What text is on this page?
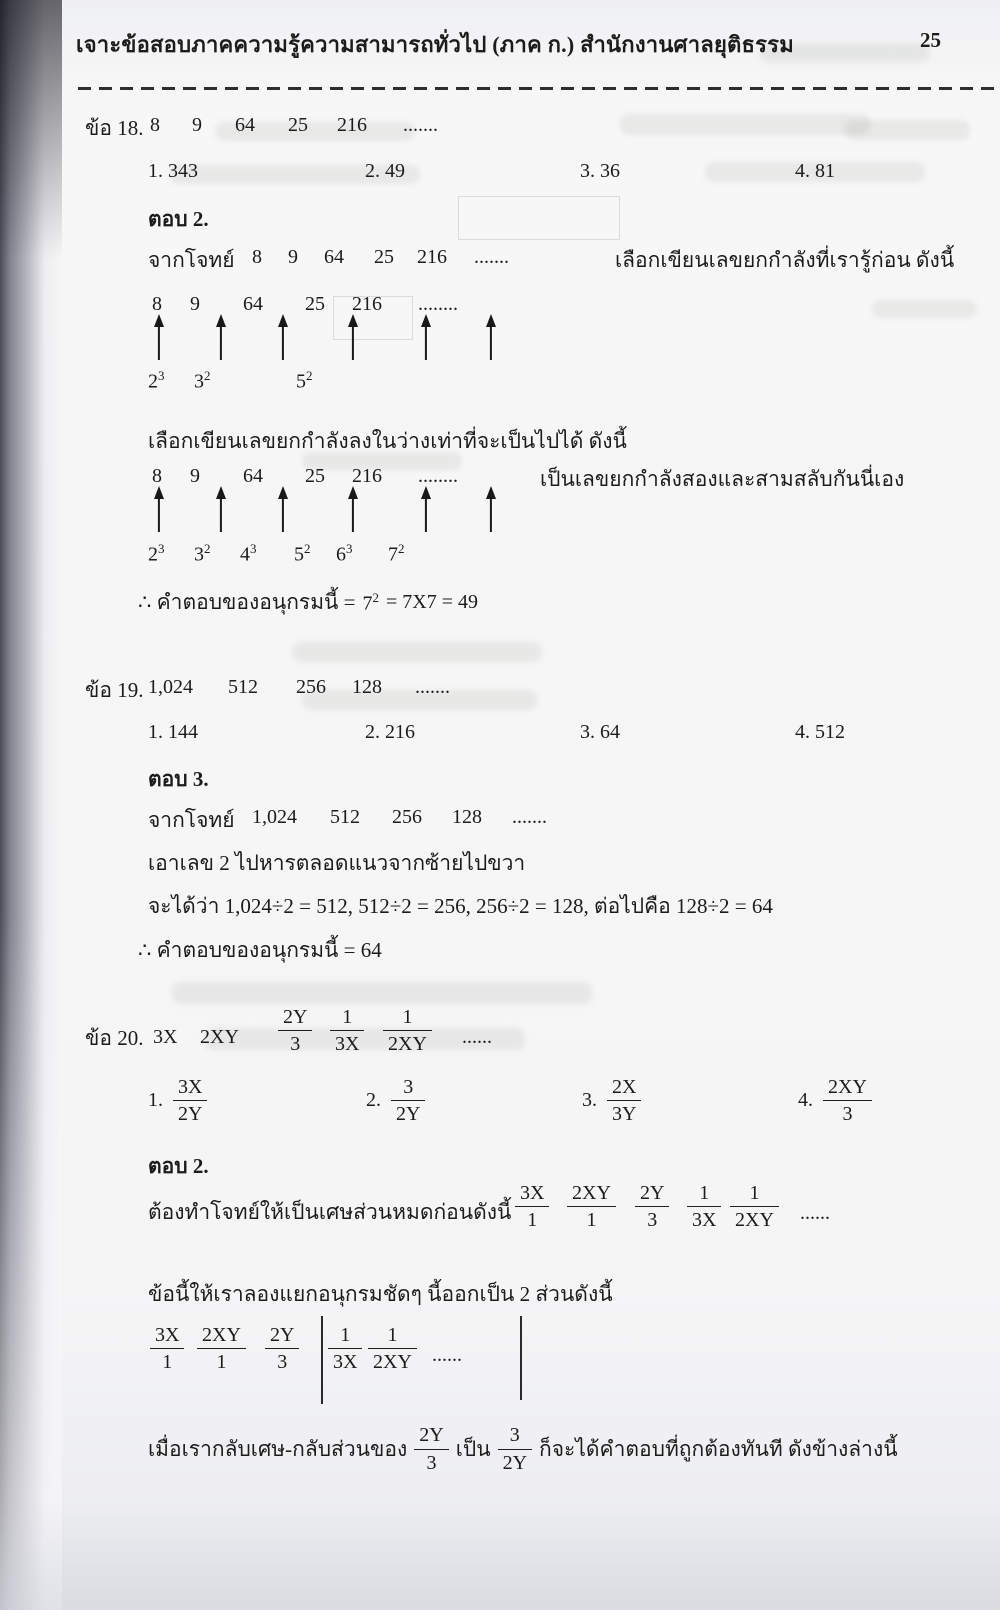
เจาะข้อสอบภาคความรู้ความสามารถทั่วไป (ภาค ก.) สำนักงานศาลยุติธรรม	25
ข้อ 18. 8 9 64 25 216 .......
1. 343	2. 49	3. 36	4. 81
ตอบ 2.
จากโจทย์	เลือกเขียนเลขยกกำลังที่เรารู้ก่อน ดังนี้
8 9 64 25 216 .......
8 9 64 25 216 ........
$2^3$ $3^2$	$5^2$
เลือกเขียนเลขยกกำลังลงในว่างเท่าที่จะเป็นไปได้ ดังนี้
เป็นเลขยกกำลังสองและสามสลับกันนี่เอง
8 9 64 25 216 ........
$2^3$ $3^2$ $4^3$ $5^2$ $6^3$ $7^2$
∴ คำตอบของอนุกรมนี้ = $7^2 = 7X7 = 49$
ข้อ 19. 1,024 512 256 128 .......
1. 144	2. 216	3. 64	4. 512
ตอบ 3.
จากโจทย์ 1,024 512 256 128 .......
เอาเลข 2 ไปหารตลอดแนวจากซ้ายไปขวา
จะได้ว่า 1,024÷2 = 512, 512÷2 = 256, 256÷2 = 128, ต่อไปคือ 128÷2 = 64
∴ คำตอบของอนุกรมนี้ = 64
ข้อ 20. 3X 2XY
2Y
3
1
3X
1
2XY ......
1.
3X
2Y
2.
3
2Y
3.
2X
3Y
4.
2XY
3
ตอบ 2.
ต้องทำโจทย์ให้เป็นเศษส่วนหมดก่อนดังนี้
3X
1
2XY
1
2Y
3
1
3X
1
2XY ......
ข้อนี้ให้เราลองแยกอนุกรมชัดๆ นี้ออกเป็น 2 ส่วนดังนี้
3X
1
2XY
1
2Y
3
1
3X
1
2XY ......
เมื่อเรากลับเศษ-กลับส่วนของ
2Y
3
เป็น
3
2Y
ก็จะได้คำตอบที่ถูกต้องทันที ดังข้างล่างนี้
